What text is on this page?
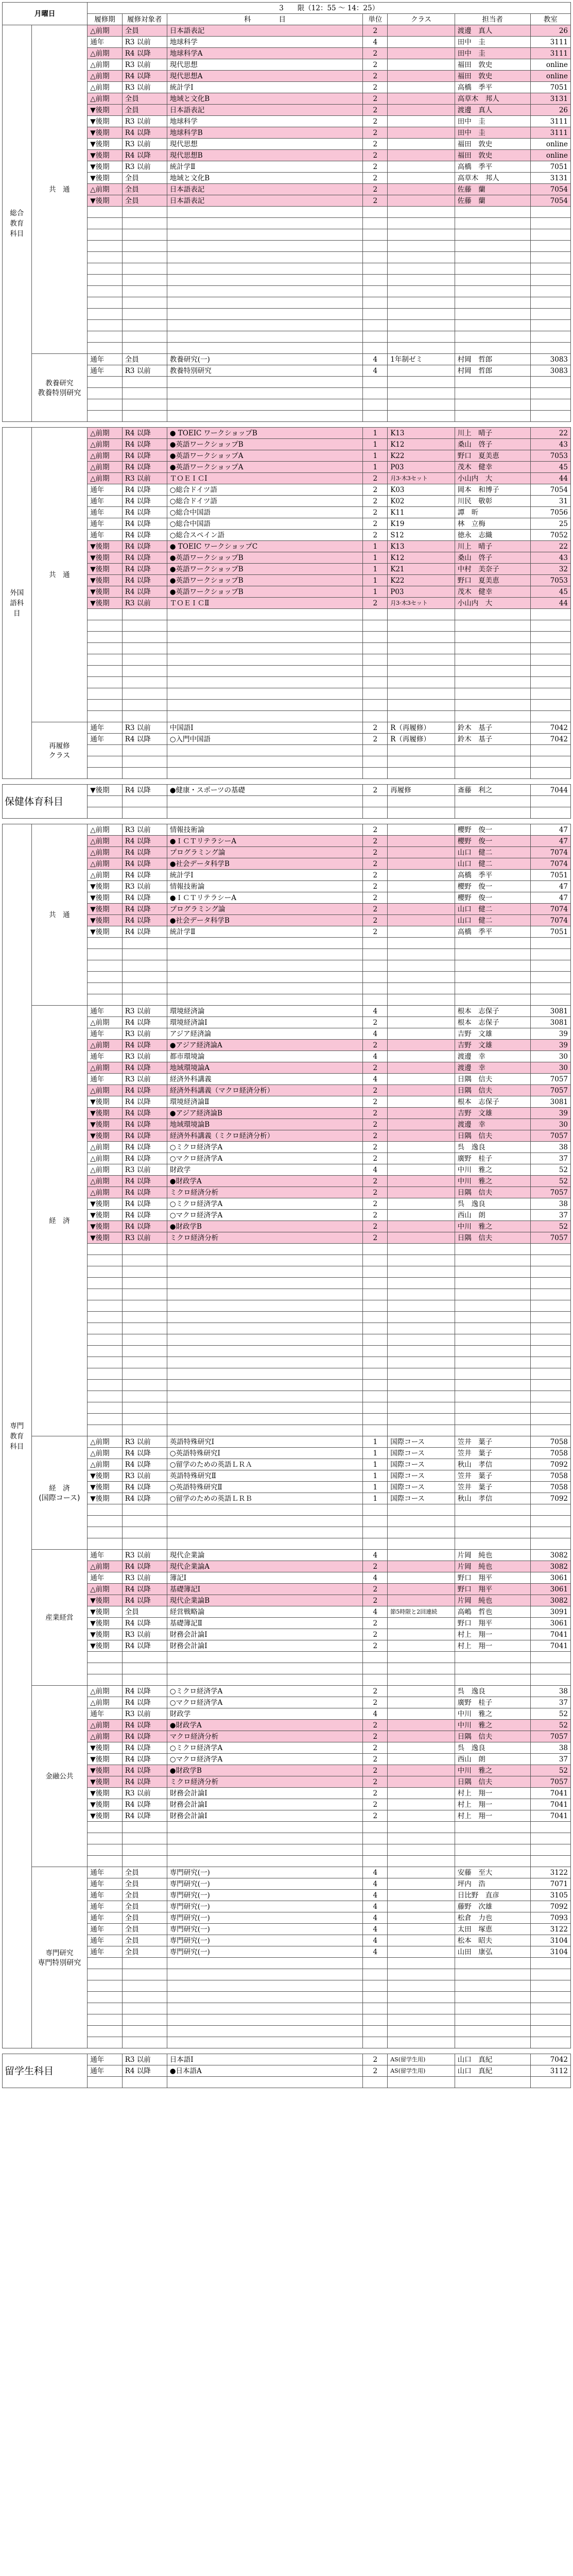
月曜日		3　　限（12：55 〜 14：25）						
		履修期	履修対象者	科　　　　目	単位	クラス	担当者	教室
総合教育科目	共　通	△前期	全員	日本語表記	2		渡邊　真人	26
		通年	R3 以前	地球科学	4		田中　圭	3111
		△前期	R4 以降	地球科学A	2		田中　圭	3111
		△前期	R3 以前	現代思想	2		福田　敦史	online
		△前期	R4 以降	現代思想A	2		福田　敦史	online
		△前期	R3 以前	統計学Ⅰ	2		高橋　季平	7051
		△前期	全員	地域と文化B	2		高草木　邦人	3131
		▼後期	全員	日本語表記	2		渡邊　真人	26
		▼後期	R3 以前	地球科学	2		田中　圭	3111
		▼後期	R4 以降	地球科学B	2		田中　圭	3111
		▼後期	R3 以前	現代思想	2		福田　敦史	online
		▼後期	R4 以降	現代思想B	2		福田　敦史	online
		▼後期	R3 以前	統計学Ⅱ	2		高橋　季平	7051
		▼後期	全員	地域と文化B	2		高草木　邦人	3131
		△前期	全員	日本語表記	2		佐藤　蘭	7054
		▼後期	全員	日本語表記	2		佐藤　蘭	7054

	教養研究

教養特別研究	通年	全員	教養研究(一)	4	1年制ゼミ	村岡　哲郎	3083
		通年	R3 以前	教養特別研究	4		村岡　哲郎	3083

外国語科目	共　通	△前期	R4 以降	● TOEIC ワークショップB	1	K13	川上　晴子	22
		△前期	R4 以降	●英語ワークショップB	1	K12	桑山　啓子	43
		△前期	R4 以降	●英語ワークショップA	1	K22	野口　夏美恵	7053
		△前期	R4 以降	●英語ワークショップA	1	P03	茂木　健幸	45
		△前期	R3 以前	ＴＯＥＩＣⅠ	2	月3·木3セット	小山内　大	44
		通年	R4 以降	○総合ドイツ語	2	K03	岡本　和博子	7054
		通年	R4 以降	○総合ドイツ語	2	K02	川民　敬彰	31
		通年	R4 以降	○総合中国語	2	K11	譚　昕	7056
		通年	R4 以降	○総合中国語	2	K19	林　立梅	25
		通年	R4 以降	○総合スペイン語	2	S12	徳永　志織	7052
		▼後期	R4 以降	● TOEIC ワークショップC	1	K13	川上　晴子	22
		▼後期	R4 以降	●英語ワークショップB	1	K12	桑山　啓子	43
		▼後期	R4 以降	●英語ワークショップB	1	K21	中村　美奈子	32
		▼後期	R4 以降	●英語ワークショップB	1	K22	野口　夏美恵	7053
		▼後期	R4 以降	●英語ワークショップB	1	P03	茂木　健幸	45
		▼後期	R3 以前	ＴＯＥＩＣⅡ	2	月3·木3セット	小山内　大	44

	再履修

クラス	通年	R3 以前	中国語Ⅰ	2	R（再履修）	鈴木　基子	7042
		通年	R4 以降	○入門中国語	2	R（再履修）	鈴木　基子	7042

保健体育科目		▼後期	R4 以降	●健康・スポーツの基礎	2	再履修	斎藤　利之	7044

専門教育科目	共　通	△前期	R3 以前	情報技術論	2		櫻野　俊一	47
		△前期	R4 以降	●ＩＣＴリテラシーA	2		櫻野　俊一	47
		△前期	R4 以降	プログラミング論	2		山口　健二	7074
		△前期	R4 以降	●社会データ科学B	2		山口　健二	7074
		△前期	R4 以降	統計学Ⅰ	2		高橋　季平	7051
		▼後期	R3 以前	情報技術論	2		櫻野　俊一	47
		▼後期	R4 以降	●ＩＣＴリテラシーA	2		櫻野　俊一	47
		▼後期	R4 以降	プログラミング論	2		山口　健二	7074
		▼後期	R4 以降	●社会データ科学B	2		山口　健二	7074
		▼後期	R4 以降	統計学Ⅱ	2		高橋　季平	7051

	経　済	通年	R3 以前	環境経済論	4		根本　志保子	3081
		△前期	R4 以降	環境経済論Ⅰ	2		根本　志保子	3081
		通年	R3 以前	アジア経済論	4		吉野　文雄	39
		△前期	R4 以降	●アジア経済論A	2		吉野　文雄	39
		通年	R3 以前	都市環境論	4		渡邊　幸	30
		△前期	R4 以降	地域環境論A	2		渡邊　幸	30
		通年	R3 以前	経済外科講義	4		日隅　信夫	7057
		△前期	R4 以降	経済外科講義（マクロ経済分析）	2		日隅　信夫	7057
		▼後期	R4 以降	環境経済論Ⅱ	2		根本　志保子	3081
		▼後期	R4 以降	●アジア経済論B	2		吉野　文雄	39
		▼後期	R4 以降	地域環境論B	2		渡邊　幸	30
		▼後期	R4 以降	経済外科講義（ミクロ経済分析）	2		日隅　信夫	7057
		△前期	R4 以降	○ミクロ経済学A	2		呉　逸良	38
		△前期	R4 以降	○マクロ経済学A	2		廣野　桂子	37
		△前期	R3 以前	財政学	4		中川　雅之	52
		△前期	R4 以降	●財政学A	2		中川　雅之	52
		△前期	R4 以降	ミクロ経済分析	2		日隅　信夫	7057
		▼後期	R4 以降	○ミクロ経済学A	2		呉　逸良	38
		▼後期	R4 以降	○マクロ経済学A	2		西山　朗	37
		▼後期	R4 以降	●財政学B	2		中川　雅之	52
		▼後期	R3 以前	ミクロ経済分析	2		日隅　信夫	7057

	経　済

(国際コース)	△前期	R3 以前	英語特殊研究Ⅰ	1	国際コース	笠井　葉子	7058
		△前期	R4 以降	○英語特殊研究Ⅰ	1	国際コース	笠井　葉子	7058
		△前期	R4 以降	○留学のための英語ＬＲＡ	1	国際コース	秋山　孝信	7092
		▼後期	R3 以前	英語特殊研究Ⅱ	1	国際コース	笠井　葉子	7058
		▼後期	R4 以降	○英語特殊研究Ⅱ	1	国際コース	笠井　葉子	7058
		▼後期	R4 以降	○留学のための英語ＬＲＢ	1	国際コース	秋山　孝信	7092

	産業経営	通年	R3 以前	現代企業論	4		片岡　純也	3082
		△前期	R4 以降	現代企業論A	2		片岡　純也	3082
		通年	R3 以前	簿記Ⅰ	4		野口　翔平	3061
		△前期	R4 以降	基礎簿記Ⅰ	2		野口　翔平	3061
		▼後期	R4 以降	現代企業論B	2		片岡　純也	3082
		▼後期	全員	経営戦略論	4	節5時限と2回連続	高嶋　哲也	3091
		▼後期	R4 以降	基礎簿記Ⅱ	2		野口　翔平	3061
		▼後期	R3 以前	財務会計論Ⅰ	2		村上　翔一	7041
		▼後期	R4 以降	財務会計論Ⅰ	2		村上　翔一	7041

	金融公共	△前期	R4 以降	○ミクロ経済学A	2		呉　逸良	38
		△前期	R4 以降	○マクロ経済学A	2		廣野　桂子	37
		通年	R3 以前	財政学	4		中川　雅之	52
		△前期	R4 以降	●財政学A	2		中川　雅之	52
		△前期	R4 以降	マクロ経済分析	2		日隅　信夫	7057
		▼後期	R4 以降	○ミクロ経済学A	2		呉　逸良	38
		▼後期	R4 以降	○マクロ経済学A	2		西山　朗	37
		▼後期	R4 以降	●財政学B	2		中川　雅之	52
		▼後期	R4 以降	ミクロ経済分析	2		日隅　信夫	7057
		▼後期	R3 以前	財務会計論Ⅰ	2		村上　翔一	7041
		▼後期	R4 以降	財務会計論Ⅰ	2		村上　翔一	7041
		▼後期	R4 以降	財務会計論Ⅰ	2		村上　翔一	7041

	専門研究

専門特別研究	通年	全員	専門研究(一)	4		安藤　至大	3122
		通年	全員	専門研究(一)	4		坪内　浩	7071
		通年	全員	専門研究(一)	4		日比野　直彦	3105
		通年	全員	専門研究(一)	4		藤野　次雄	7092
		通年	全員	専門研究(一)	4		松倉　力也	7093
		通年	全員	専門研究(一)	4		太田　塚恵	3122
		通年	全員	専門研究(一)	4		松本　昭夫	3104
		通年	全員	専門研究(一)	4		山田　康弘	3104

留学生科目		通年	R3 以前	日本語Ⅰ	2	AS(留学生用)	山口　真紀	7042
		通年	R4 以降	●日本語A	2	AS(留学生用)	山口　真紀	3112
